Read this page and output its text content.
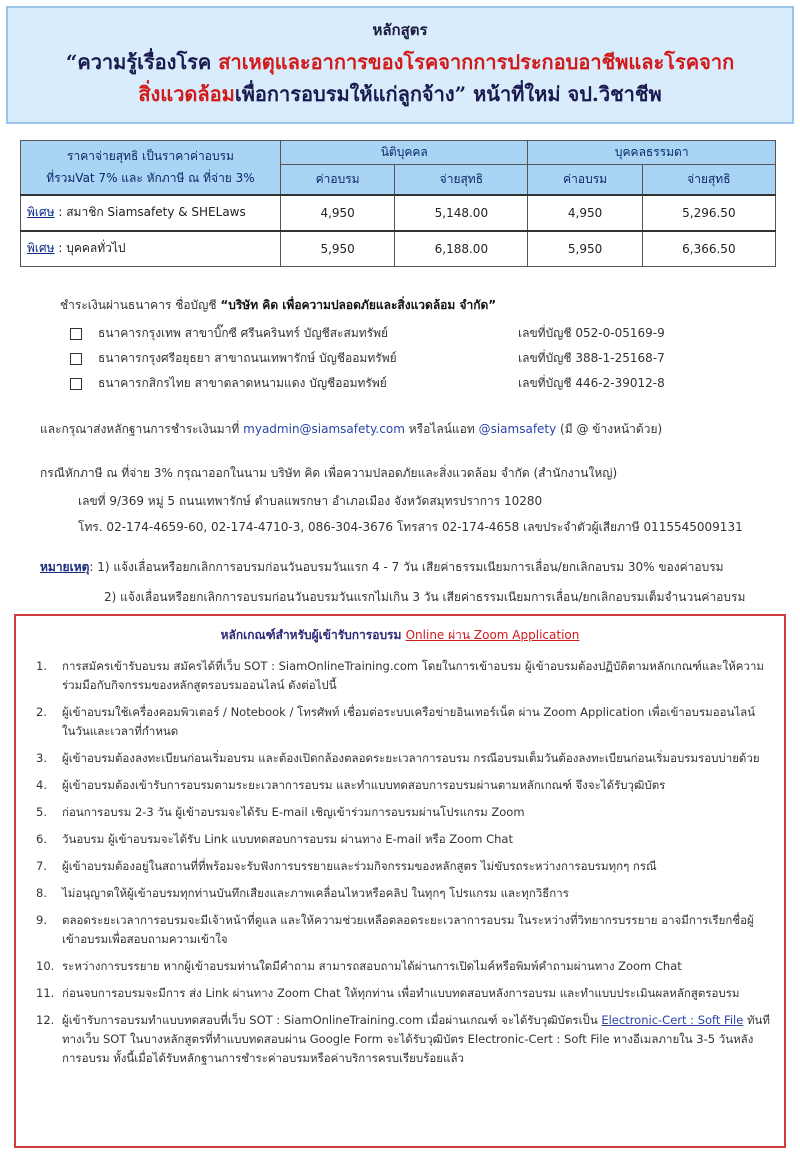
หลักสูตร
“ความรู้เรื่องโรค สาเหตุและอาการของโรคจากการประกอบอาชีพและโรคจาก
สิ่งแวดล้อมเพื่อการอบรมให้แก่ลูกจ้าง” หน้าที่ใหม่ จป.วิชาชีพ
ราคาจ่ายสุทธิ เป็นราคาค่าอบรม
ที่รวมVat 7% และ หักภาษี ณ ที่จ่าย 3%	นิติบุคคล		บุคคลธรรมดา	
	ค่าอบรม	จ่ายสุทธิ	ค่าอบรม	จ่ายสุทธิ
พิเศษ : สมาชิก Siamsafety & SHELaws	4,950	5,148.00	4,950	5,296.50
พิเศษ : บุคคลทั่วไป	5,950	6,188.00	5,950	6,366.50
ชำระเงินผ่านธนาคาร ชื่อบัญชี “บริษัท คิด เพื่อความปลอดภัยและสิ่งแวดล้อม จำกัด”
ธนาคารกรุงเทพ สาขาบิ๊กซี ศรีนครินทร์ บัญชีสะสมทรัพย์	เลขที่บัญชี 052-0-05169-9
ธนาคารกรุงศรีอยุธยา สาขาถนนเทพารักษ์ บัญชีออมทรัพย์	เลขที่บัญชี 388-1-25168-7
ธนาคารกสิกรไทย สาขาตลาดหนามแดง บัญชีออมทรัพย์	เลขที่บัญชี 446-2-39012-8
และกรุณาส่งหลักฐานการชำระเงินมาที่ myadmin@siamsafety.com หรือไลน์แอท @siamsafety (มี @ ข้างหน้าด้วย)
กรณีหักภาษี ณ ที่จ่าย 3% กรุณาออกในนาม บริษัท คิด เพื่อความปลอดภัยและสิ่งแวดล้อม จำกัด (สำนักงานใหญ่)
เลขที่ 9/369 หมู่ 5 ถนนเทพารักษ์ ตำบลแพรกษา อำเภอเมือง จังหวัดสมุทรปราการ 10280
โทร. 02-174-4659-60, 02-174-4710-3, 086-304-3676 โทรสาร 02-174-4658 เลขประจำตัวผู้เสียภาษี 0115545009131
หมายเหตุ: 1) แจ้งเลื่อนหรือยกเลิกการอบรมก่อนวันอบรมวันแรก 4 - 7 วัน เสียค่าธรรมเนียมการเลื่อน/ยกเลิกอบรม 30% ของค่าอบรม
2) แจ้งเลื่อนหรือยกเลิกการอบรมก่อนวันอบรมวันแรกไม่เกิน 3 วัน เสียค่าธรรมเนียมการเลื่อน/ยกเลิกอบรมเต็มจำนวนค่าอบรม
หลักเกณฑ์สำหรับผู้เข้ารับการอบรม Online ผ่าน Zoom Application
1.	การสมัครเข้ารับอบรม สมัครได้ที่เว็บ SOT : SiamOnlineTraining.com โดยในการเข้าอบรม ผู้เข้าอบรมต้องปฏิบัติตามหลักเกณฑ์และให้ความร่วมมือกับกิจกรรมของหลักสูตรอบรมออนไลน์ ดังต่อไปนี้
2.	ผู้เข้าอบรมใช้เครื่องคอมพิวเตอร์ / Notebook / โทรศัพท์ เชื่อมต่อระบบเครือข่ายอินเทอร์เน็ต ผ่าน Zoom Application เพื่อเข้าอบรมออนไลน์ ในวันและเวลาที่กำหนด
3.	ผู้เข้าอบรมต้องลงทะเบียนก่อนเริ่มอบรม และต้องเปิดกล้องตลอดระยะเวลาการอบรม กรณีอบรมเต็มวันต้องลงทะเบียนก่อนเริ่มอบรมรอบบ่ายด้วย
4.	ผู้เข้าอบรมต้องเข้ารับการอบรมตามระยะเวลาการอบรม และทำแบบทดสอบการอบรมผ่านตามหลักเกณฑ์ จึงจะได้รับวุฒิบัตร
5.	ก่อนการอบรม 2-3 วัน ผู้เข้าอบรมจะได้รับ E-mail เชิญเข้าร่วมการอบรมผ่านโปรแกรม Zoom
6.	วันอบรม ผู้เข้าอบรมจะได้รับ Link แบบทดสอบการอบรม ผ่านทาง E-mail หรือ Zoom Chat
7.	ผู้เข้าอบรมต้องอยู่ในสถานที่ที่พร้อมจะรับฟังการบรรยายและร่วมกิจกรรมของหลักสูตร ไม่ขับรถระหว่างการอบรมทุกๆ กรณี
8.	ไม่อนุญาตให้ผู้เข้าอบรมทุกท่านบันทึกเสียงและภาพเคลื่อนไหวหรือคลิป ในทุกๆ โปรแกรม และทุกวิธีการ
9.	ตลอดระยะเวลาการอบรมจะมีเจ้าหน้าที่ดูแล และให้ความช่วยเหลือตลอดระยะเวลาการอบรม ในระหว่างที่วิทยากรบรรยาย อาจมีการเรียกชื่อผู้เข้าอบรมเพื่อสอบถามความเข้าใจ
10. ระหว่างการบรรยาย หากผู้เข้าอบรมท่านใดมีคำถาม สามารถสอบถามได้ผ่านการเปิดไมค์หรือพิมพ์คำถามผ่านทาง Zoom Chat
11. ก่อนจบการอบรมจะมีการ ส่ง Link ผ่านทาง Zoom Chat ให้ทุกท่าน เพื่อทำแบบทดสอบหลังการอบรม และทำแบบประเมินผลหลักสูตรอบรม
12. ผู้เข้ารับการอบรมทำแบบทดสอบที่เว็บ SOT : SiamOnlineTraining.com เมื่อผ่านเกณฑ์ จะได้รับวุฒิบัตรเป็น Electronic-Cert : Soft File ทันทีทางเว็บ SOT ในบางหลักสูตรที่ทำแบบทดสอบผ่าน Google Form จะได้รับวุฒิบัตร Electronic-Cert : Soft File ทางอีเมลภายใน 3-5 วันหลังการอบรม ทั้งนี้เมื่อได้รับหลักฐานการชำระค่าอบรมหรือค่าบริการครบเรียบร้อยแล้ว
